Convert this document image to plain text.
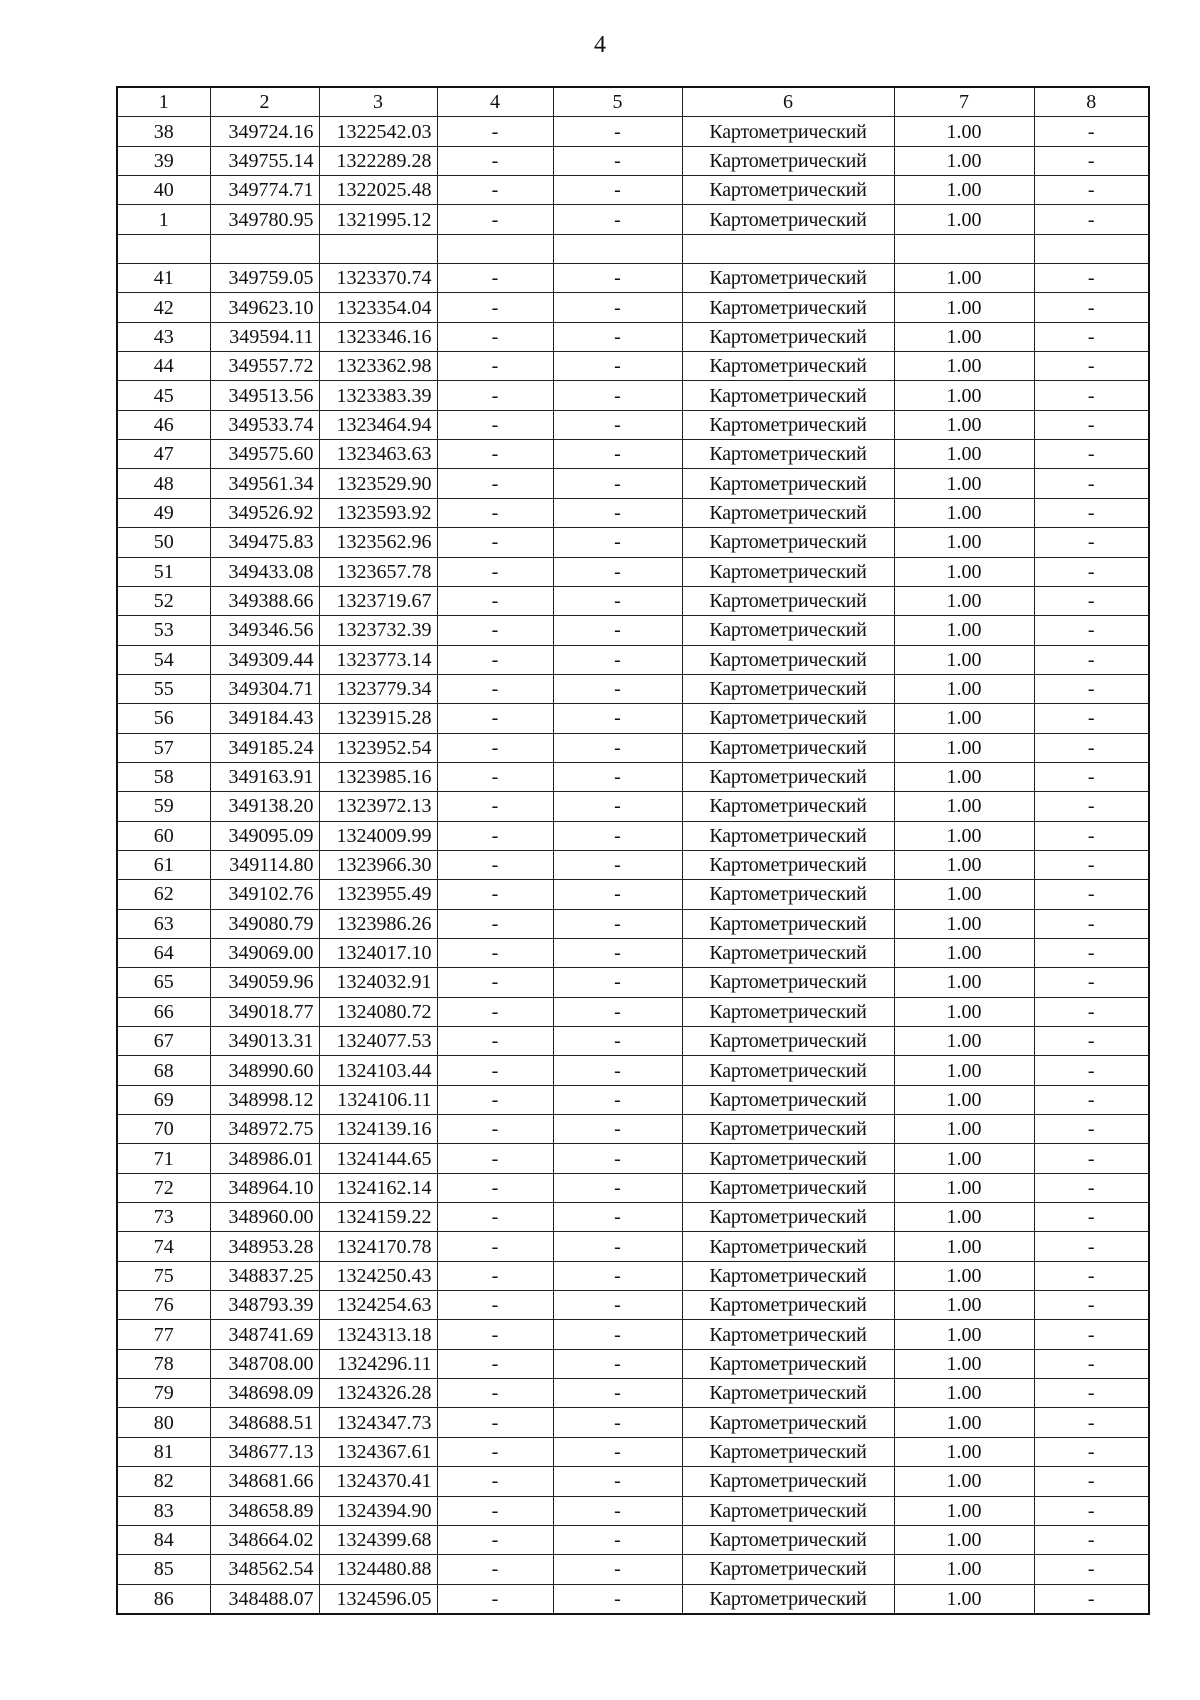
4
1	2	3	4	5	6	7	8
38	349724.16	1322542.03	-	-	Картометрический	1.00	-
39	349755.14	1322289.28	-	-	Картометрический	1.00	-
40	349774.71	1322025.48	-	-	Картометрический	1.00	-
1	349780.95	1321995.12	-	-	Картометрический	1.00	-

41	349759.05	1323370.74	-	-	Картометрический	1.00	-
42	349623.10	1323354.04	-	-	Картометрический	1.00	-
43	349594.11	1323346.16	-	-	Картометрический	1.00	-
44	349557.72	1323362.98	-	-	Картометрический	1.00	-
45	349513.56	1323383.39	-	-	Картометрический	1.00	-
46	349533.74	1323464.94	-	-	Картометрический	1.00	-
47	349575.60	1323463.63	-	-	Картометрический	1.00	-
48	349561.34	1323529.90	-	-	Картометрический	1.00	-
49	349526.92	1323593.92	-	-	Картометрический	1.00	-
50	349475.83	1323562.96	-	-	Картометрический	1.00	-
51	349433.08	1323657.78	-	-	Картометрический	1.00	-
52	349388.66	1323719.67	-	-	Картометрический	1.00	-
53	349346.56	1323732.39	-	-	Картометрический	1.00	-
54	349309.44	1323773.14	-	-	Картометрический	1.00	-
55	349304.71	1323779.34	-	-	Картометрический	1.00	-
56	349184.43	1323915.28	-	-	Картометрический	1.00	-
57	349185.24	1323952.54	-	-	Картометрический	1.00	-
58	349163.91	1323985.16	-	-	Картометрический	1.00	-
59	349138.20	1323972.13	-	-	Картометрический	1.00	-
60	349095.09	1324009.99	-	-	Картометрический	1.00	-
61	349114.80	1323966.30	-	-	Картометрический	1.00	-
62	349102.76	1323955.49	-	-	Картометрический	1.00	-
63	349080.79	1323986.26	-	-	Картометрический	1.00	-
64	349069.00	1324017.10	-	-	Картометрический	1.00	-
65	349059.96	1324032.91	-	-	Картометрический	1.00	-
66	349018.77	1324080.72	-	-	Картометрический	1.00	-
67	349013.31	1324077.53	-	-	Картометрический	1.00	-
68	348990.60	1324103.44	-	-	Картометрический	1.00	-
69	348998.12	1324106.11	-	-	Картометрический	1.00	-
70	348972.75	1324139.16	-	-	Картометрический	1.00	-
71	348986.01	1324144.65	-	-	Картометрический	1.00	-
72	348964.10	1324162.14	-	-	Картометрический	1.00	-
73	348960.00	1324159.22	-	-	Картометрический	1.00	-
74	348953.28	1324170.78	-	-	Картометрический	1.00	-
75	348837.25	1324250.43	-	-	Картометрический	1.00	-
76	348793.39	1324254.63	-	-	Картометрический	1.00	-
77	348741.69	1324313.18	-	-	Картометрический	1.00	-
78	348708.00	1324296.11	-	-	Картометрический	1.00	-
79	348698.09	1324326.28	-	-	Картометрический	1.00	-
80	348688.51	1324347.73	-	-	Картометрический	1.00	-
81	348677.13	1324367.61	-	-	Картометрический	1.00	-
82	348681.66	1324370.41	-	-	Картометрический	1.00	-
83	348658.89	1324394.90	-	-	Картометрический	1.00	-
84	348664.02	1324399.68	-	-	Картометрический	1.00	-
85	348562.54	1324480.88	-	-	Картометрический	1.00	-
86	348488.07	1324596.05	-	-	Картометрический	1.00	-
